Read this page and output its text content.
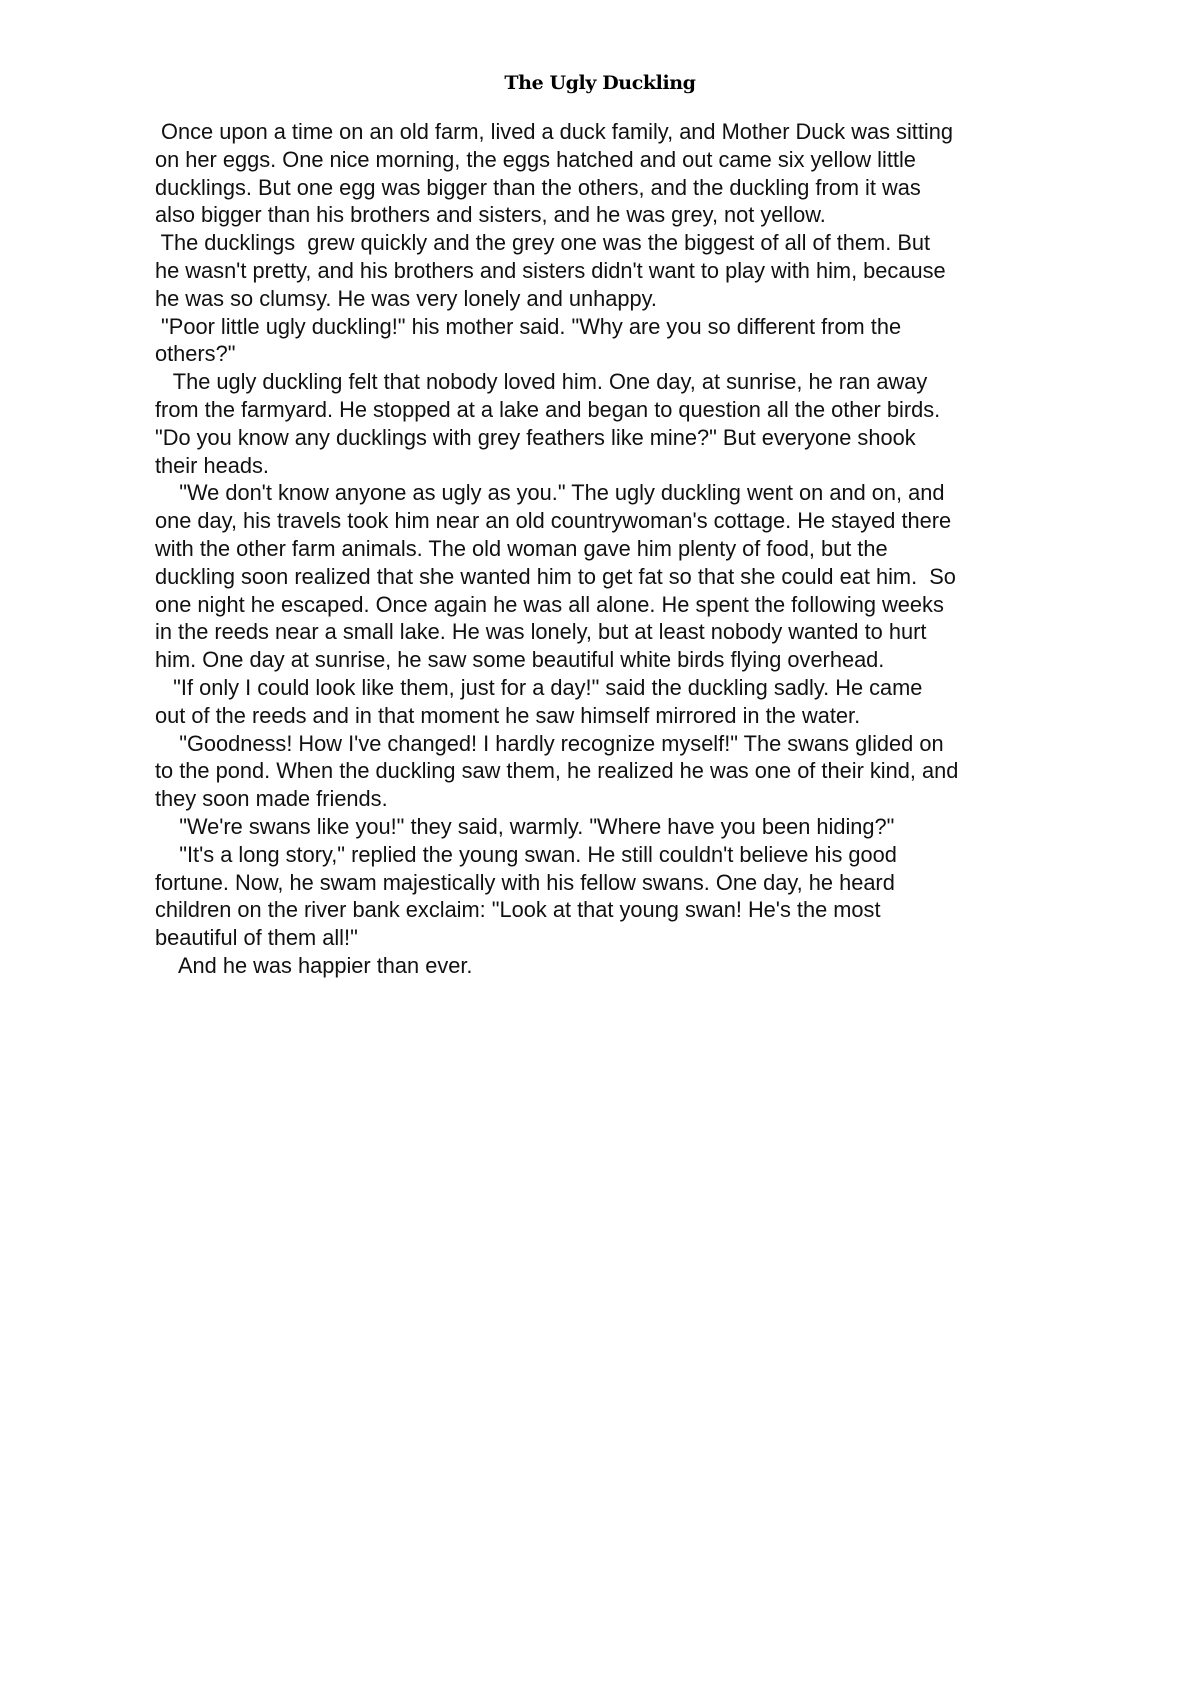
The Ugly Duckling
Once upon a time on an old farm, lived a duck family, and Mother Duck was sitting
on her eggs. One nice morning, the eggs hatched and out came six yellow little
ducklings. But one egg was bigger than the others, and the duckling from it was
also bigger than his brothers and sisters, and he was grey, not yellow.
The ducklings  grew quickly and the grey one was the biggest of all of them. But
he wasn't pretty, and his brothers and sisters didn't want to play with him, because
he was so clumsy. He was very lonely and unhappy.
"Poor little ugly duckling!" his mother said. "Why are you so different from the
others?"
The ugly duckling felt that nobody loved him. One day, at sunrise, he ran away
from the farmyard. He stopped at a lake and began to question all the other birds.
"Do you know any ducklings with grey feathers like mine?" But everyone shook
their heads.
"We don't know anyone as ugly as you." The ugly duckling went on and on, and
one day, his travels took him near an old countrywoman's cottage. He stayed there
with the other farm animals. The old woman gave him plenty of food, but the
duckling soon realized that she wanted him to get fat so that she could eat him.  So
one night he escaped. Once again he was all alone. He spent the following weeks
in the reeds near a small lake. He was lonely, but at least nobody wanted to hurt
him. One day at sunrise, he saw some beautiful white birds flying overhead.
"If only I could look like them, just for a day!" said the duckling sadly. He came
out of the reeds and in that moment he saw himself mirrored in the water.
"Goodness! How I've changed! I hardly recognize myself!" The swans glided on
to the pond. When the duckling saw them, he realized he was one of their kind, and
they soon made friends.
"We're swans like you!" they said, warmly. "Where have you been hiding?"
"It's a long story," replied the young swan. He still couldn't believe his good
fortune. Now, he swam majestically with his fellow swans. One day, he heard
children on the river bank exclaim: "Look at that young swan! He's the most
beautiful of them all!"
And he was happier than ever.
